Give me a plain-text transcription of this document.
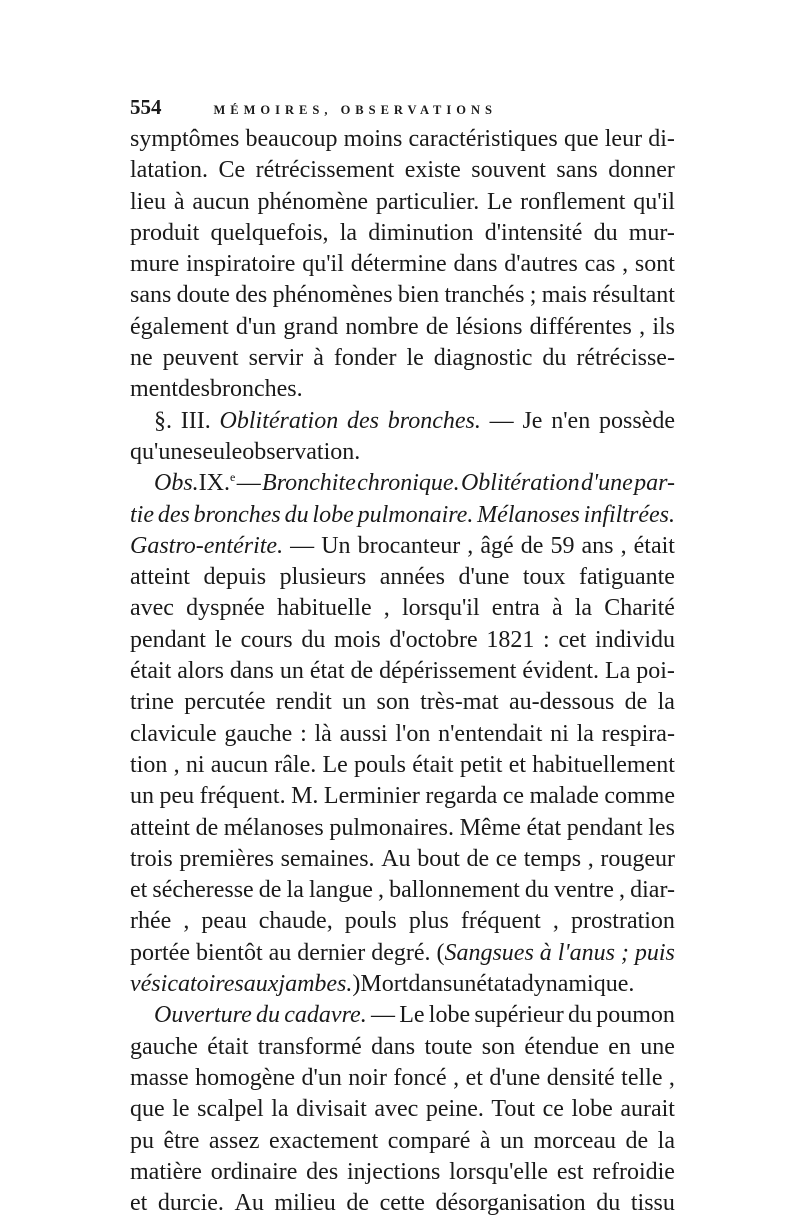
554	MÉMOIRES, OBSERVATIONS
symptômes beaucoup moins caractéristiques que leur di-
latation. Ce rétrécissement existe souvent sans donner
lieu à aucun phénomène particulier. Le ronflement qu'il
produit quelquefois, la diminution d'intensité du mur-
mure inspiratoire qu'il détermine dans d'autres cas , sont
sans doute des phénomènes bien tranchés ; mais résultant
également d'un grand nombre de lésions différentes , ils
ne peuvent servir à fonder le diagnostic du rétrécisse-
ment des bronches.
§. III. Oblitération des bronches. — Je n'en possède
qu'une seule observation.
Obs.IX.$^e$ — Bronchite chronique. Oblitération d'une par-
tie des bronches du lobe pulmonaire. Mélanoses infiltrées.
Gastro-entérite. — Un brocanteur , âgé de 59 ans , était
atteint depuis plusieurs années d'une toux fatiguante
avec dyspnée habituelle , lorsqu'il entra à la Charité
pendant le cours du mois d'octobre 1821 : cet individu
était alors dans un état de dépérissement évident. La poi-
trine percutée rendit un son très-mat au-dessous de la
clavicule gauche : là aussi l'on n'entendait ni la respira-
tion , ni aucun râle. Le pouls était petit et habituellement
un peu fréquent. M. Lerminier regarda ce malade comme
atteint de mélanoses pulmonaires. Même état pendant les
trois premières semaines. Au bout de ce temps , rougeur
et sécheresse de la langue , ballonnement du ventre , diar-
rhée , peau chaude, pouls plus fréquent , prostration
portée bientôt au dernier degré. (Sangsues à l'anus ; puis
vésicatoires aux jambes.) Mort dans un état adynamique.
Ouverture du cadavre. — Le lobe supérieur du poumon
gauche était transformé dans toute son étendue en une
masse homogène d'un noir foncé , et d'une densité telle ,
que le scalpel la divisait avec peine. Tout ce lobe aurait
pu être assez exactement comparé à un morceau de la
matière ordinaire des injections lorsqu'elle est refroidie
et durcie. Au milieu de cette désorganisation du tissu
